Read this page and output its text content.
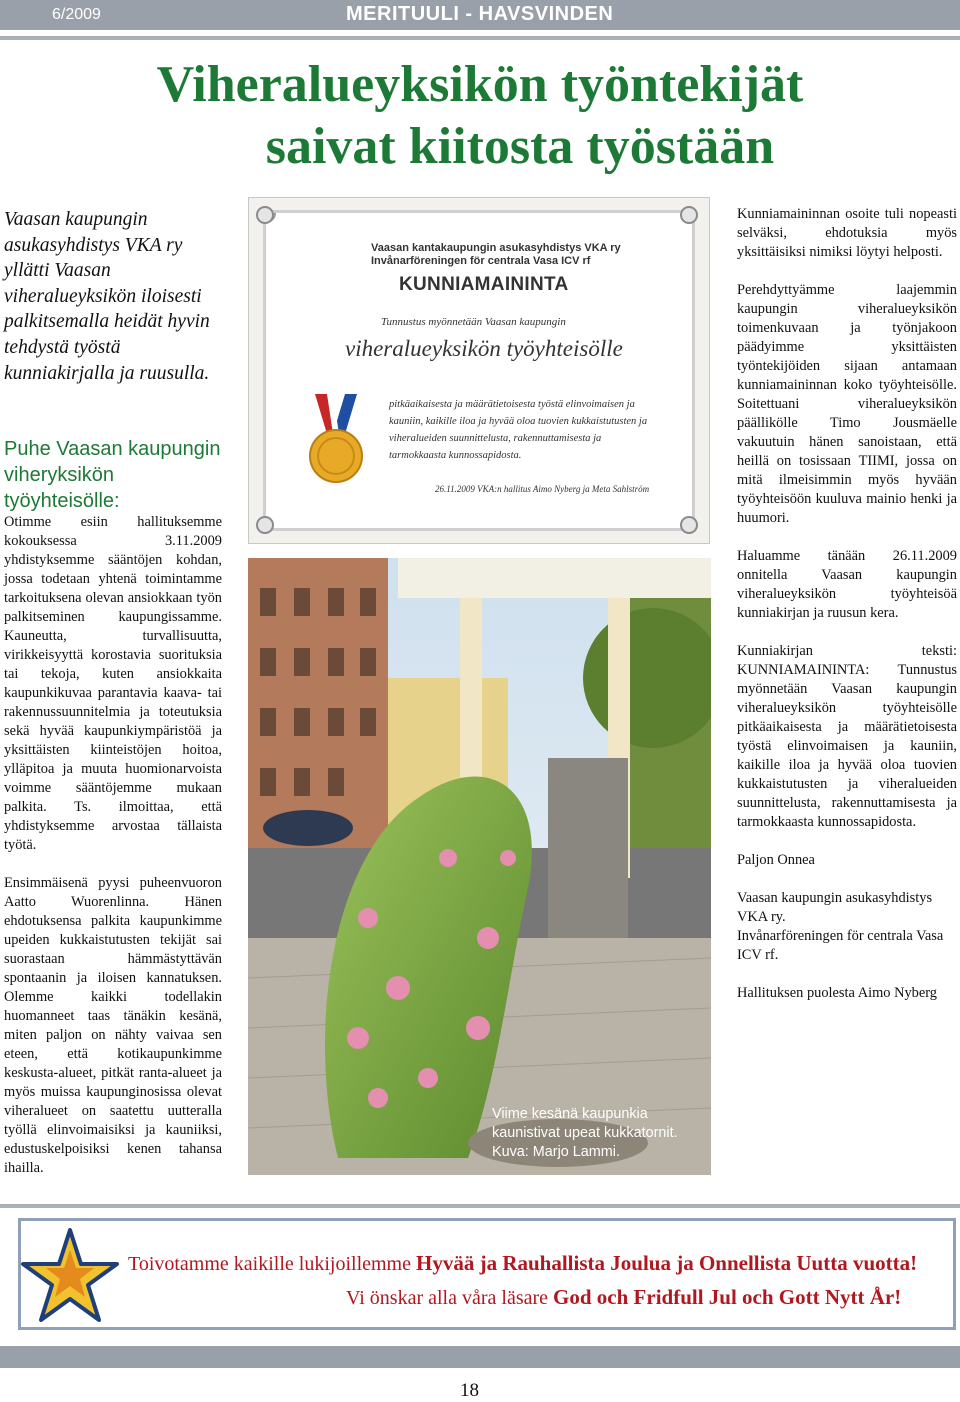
6/2009	MERITUULI - HAVSVINDEN
Viheralueyksikön työntekijät
saivat kiitosta työstään
Vaasan kaupungin asukasyhdistys VKA ry yllätti Vaasan viheralueyksikön iloisesti palkitsemalla heidät hyvin tehdystä työstä kunniakirjalla ja ruusulla.
Puhe Vaasan kaupungin viheryksikön työyhteisölle:

Otimme esiin hallituksemme kokouksessa 3.11.2009 yhdistyksemme sääntöjen kohdan, jossa todetaan yhtenä toimintamme tarkoituksena olevan ansiokkaan työn palkitseminen kaupungissamme. Kauneutta, turvallisuutta, virikkeisyyttä korostavia suorituksia tai tekoja, kuten ansiokkaita kaupunkikuvaa parantavia kaava- tai rakennussuunnitelmia ja toteutuksia sekä hyvää kaupunkiympäristöä ja yksittäisten kiinteistöjen hoitoa, ylläpitoa ja muuta huomionarvoista voimme sääntöjemme mukaan palkita. Ts. ilmoittaa, että yhdistyksemme arvostaa tällaista työtä.

Ensimmäisenä pyysi puheenvuoron Aatto Wuorenlinna. Hänen ehdotuksensa palkita kaupunkimme upeiden kukkaistutusten tekijät sai suorastaan hämmästyttävän spontaanin ja iloisen kannatuksen. Olemme kaikki todellakin huomanneet taas tänäkin kesänä, miten paljon on nähty vaivaa sen eteen, että kotikaupunkimme keskusta-alueet, pitkät ranta-alueet ja myös muissa kaupunginosissa olevat viheralueet on saatettu uutteralla työllä elinvoimaisiksi ja kauniiksi, edustuskelpoisiksi kenen tahansa ihailla.

Vaasan kantakaupungin asukasyhdistys VKA ry
Invånarföreningen för centrala Vasa ICV rf
KUNNIAMAININTA
Tunnustus myönnetään Vaasan kaupungin
viheralueyksikön työyhteisölle
pitkäaikaisesta ja määrätietoisesta työstä elinvoimaisen ja kauniin, kaikille iloa ja hyvää oloa tuovien kukkaistutusten ja viheralueiden suunnittelusta, rakennuttamisesta ja tarmokkaasta kunnossapidosta.
26.11.2009 VKA:n hallitus Aimo Nyberg ja Meta Sahlström
Viime kesänä kaupunkia kaunistivat upeat kukkatornit. Kuva: Marjo Lammi.

Kunniamaininnan osoite tuli nopeasti selväksi, ehdotuksia myös yksittäisiksi nimiksi löytyi helposti.

Perehdyttyämme laajemmin kaupungin viheralueyksikön toimenkuvaan ja työnjakoon päädyimme yksittäisten työntekijöiden sijaan antamaan kunniamaininnan koko työyhteisölle. Soitettuani viheralueyksikön päällikölle Timo Jousmäelle vakuutuin hänen sanoistaan, että heillä on tosissaan TIIMI, jossa on mitä ilmeisimmin myös hyvään työyhteisöön kuuluva mainio henki ja huumori.

Haluamme tänään 26.11.2009 onnitella Vaasan kaupungin viheralueyksikön työyhteisöä kunniakirjan ja ruusun kera.

Kunniakirjan teksti: KUNNIAMAININTA: Tunnustus myönnetään Vaasan kaupungin viheralueyksikön työyhteisölle pitkäaikaisesta ja määrätietoisesta työstä elinvoimaisen ja kauniin, kaikille iloa ja hyvää oloa tuovien kukkaistutusten ja viheralueiden suunnittelusta, rakennuttamisesta ja tarmokkaasta kunnossapidosta.

Paljon Onnea

Vaasan kaupungin asukasyhdistys VKA ry.

Invånarföreningen för centrala Vasa ICV rf.

Hallituksen puolesta Aimo Nyberg

Toivotamme kaikille lukijoillemme Hyvää ja Rauhallista Joulua ja Onnellista Uutta vuotta!
Vi önskar alla våra läsare God och Fridfull Jul och Gott Nytt År!
18
